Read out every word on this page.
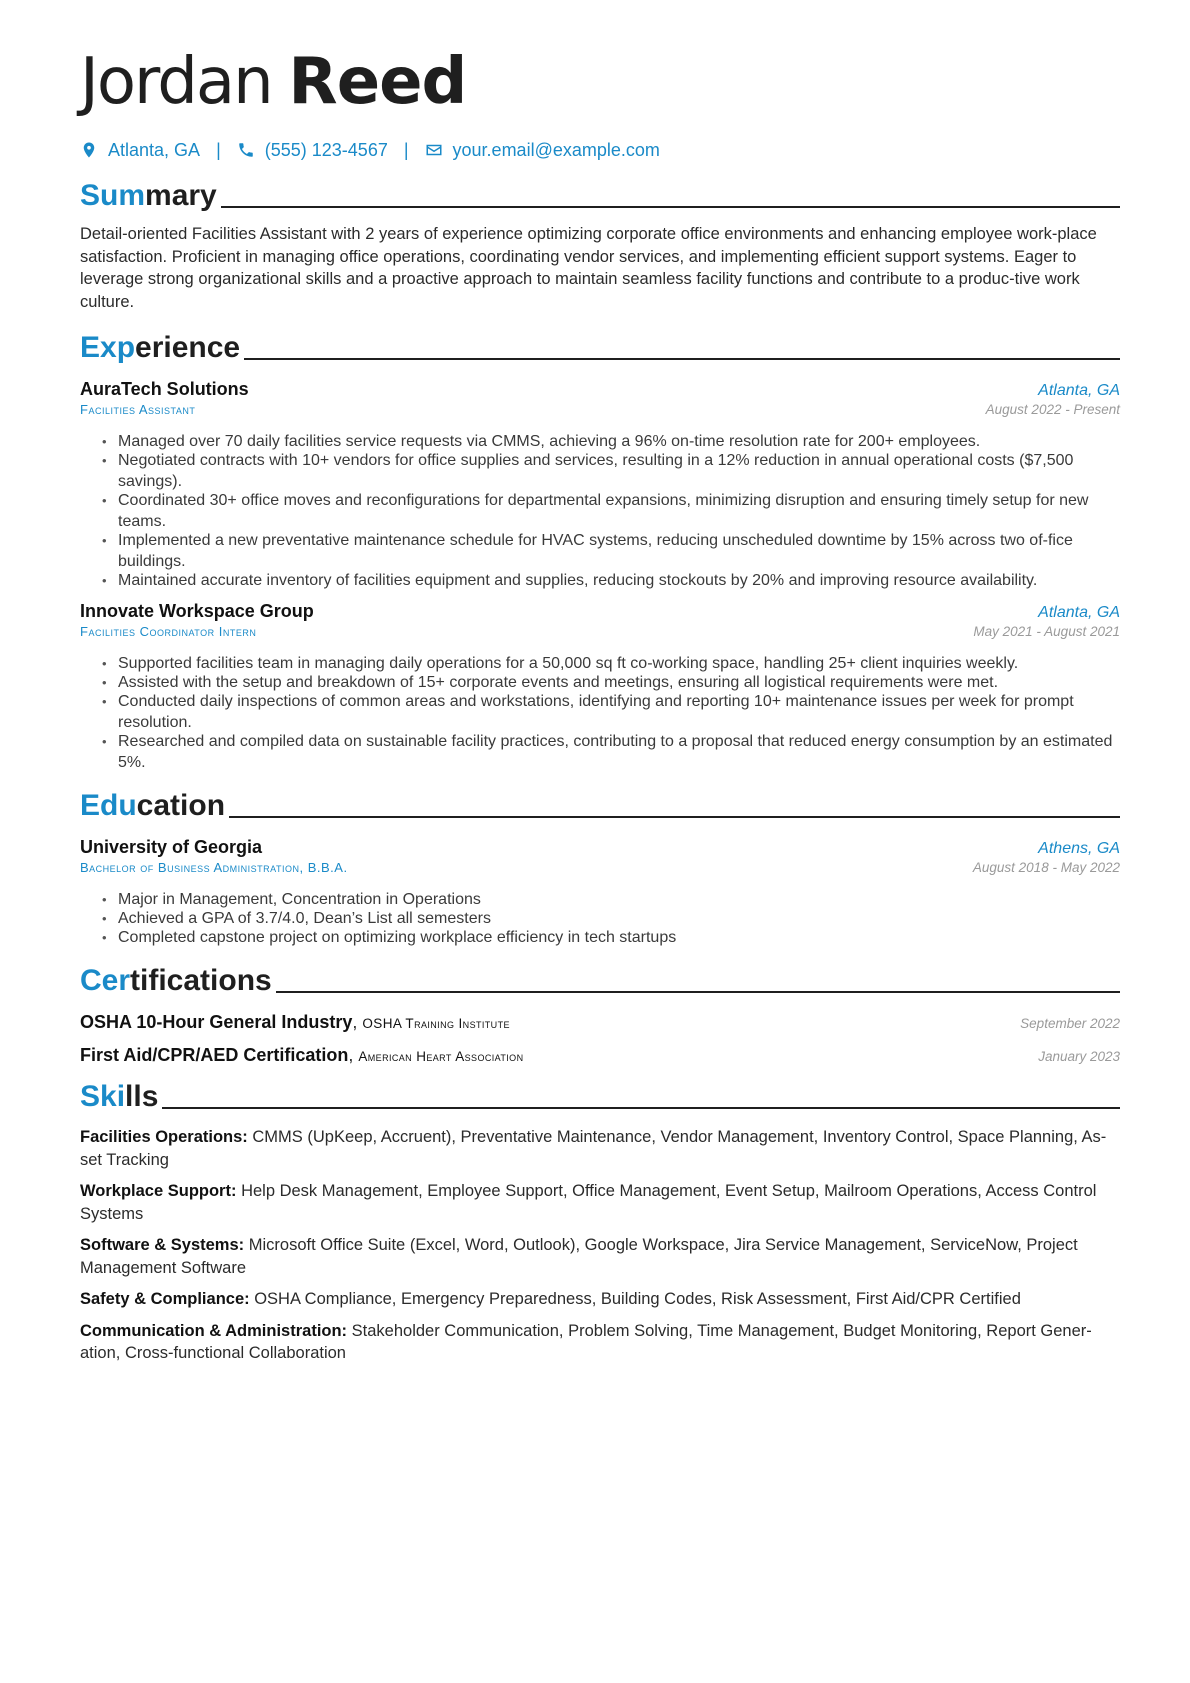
Jordan Reed
Atlanta, GA | (555) 123-4567 | your.email@example.com
Summary

Detail-oriented Facilities Assistant with 2 years of experience optimizing corporate office environments and enhancing employee work-place satisfaction. Proficient in managing office operations, coordinating vendor services, and implementing efficient support systems. Eager to leverage strong organizational skills and a proactive approach to maintain seamless facility functions and contribute to a produc-tive work culture.

Experience
AuraTech Solutions	Atlanta, GA
Facilities Assistant	August 2022 - Present
• Managed over 70 daily facilities service requests via CMMS, achieving a 96% on-time resolution rate for 200+ employees.
• Negotiated contracts with 10+ vendors for office supplies and services, resulting in a 12% reduction in annual operational costs ($7,500 savings).
• Coordinated 30+ office moves and reconfigurations for departmental expansions, minimizing disruption and ensuring timely setup for new teams.
• Implemented a new preventative maintenance schedule for HVAC systems, reducing unscheduled downtime by 15% across two of-fice buildings.
• Maintained accurate inventory of facilities equipment and supplies, reducing stockouts by 20% and improving resource availability.
Innovate Workspace Group	Atlanta, GA
Facilities Coordinator Intern	May 2021 - August 2021
• Supported facilities team in managing daily operations for a 50,000 sq ft co-working space, handling 25+ client inquiries weekly.
• Assisted with the setup and breakdown of 15+ corporate events and meetings, ensuring all logistical requirements were met.
• Conducted daily inspections of common areas and workstations, identifying and reporting 10+ maintenance issues per week for prompt resolution.
• Researched and compiled data on sustainable facility practices, contributing to a proposal that reduced energy consumption by an estimated 5%.
Education
University of Georgia	Athens, GA
Bachelor of Business Administration, B.B.A.	August 2018 - May 2022
• Major in Management, Concentration in Operations
• Achieved a GPA of 3.7/4.0, Dean’s List all semesters
• Completed capstone project on optimizing workplace efficiency in tech startups
Certifications
OSHA 10-Hour General Industry, OSHA Training Institute	September 2022
First Aid/CPR/AED Certification, American Heart Association	January 2023
Skills

Facilities Operations: CMMS (UpKeep, Accruent), Preventative Maintenance, Vendor Management, Inventory Control, Space Planning, As-set Tracking

Workplace Support: Help Desk Management, Employee Support, Office Management, Event Setup, Mailroom Operations, Access Control Systems

Software & Systems: Microsoft Office Suite (Excel, Word, Outlook), Google Workspace, Jira Service Management, ServiceNow, Project Management Software

Safety & Compliance: OSHA Compliance, Emergency Preparedness, Building Codes, Risk Assessment, First Aid/CPR Certified

Communication & Administration: Stakeholder Communication, Problem Solving, Time Management, Budget Monitoring, Report Gener-ation, Cross-functional Collaboration
